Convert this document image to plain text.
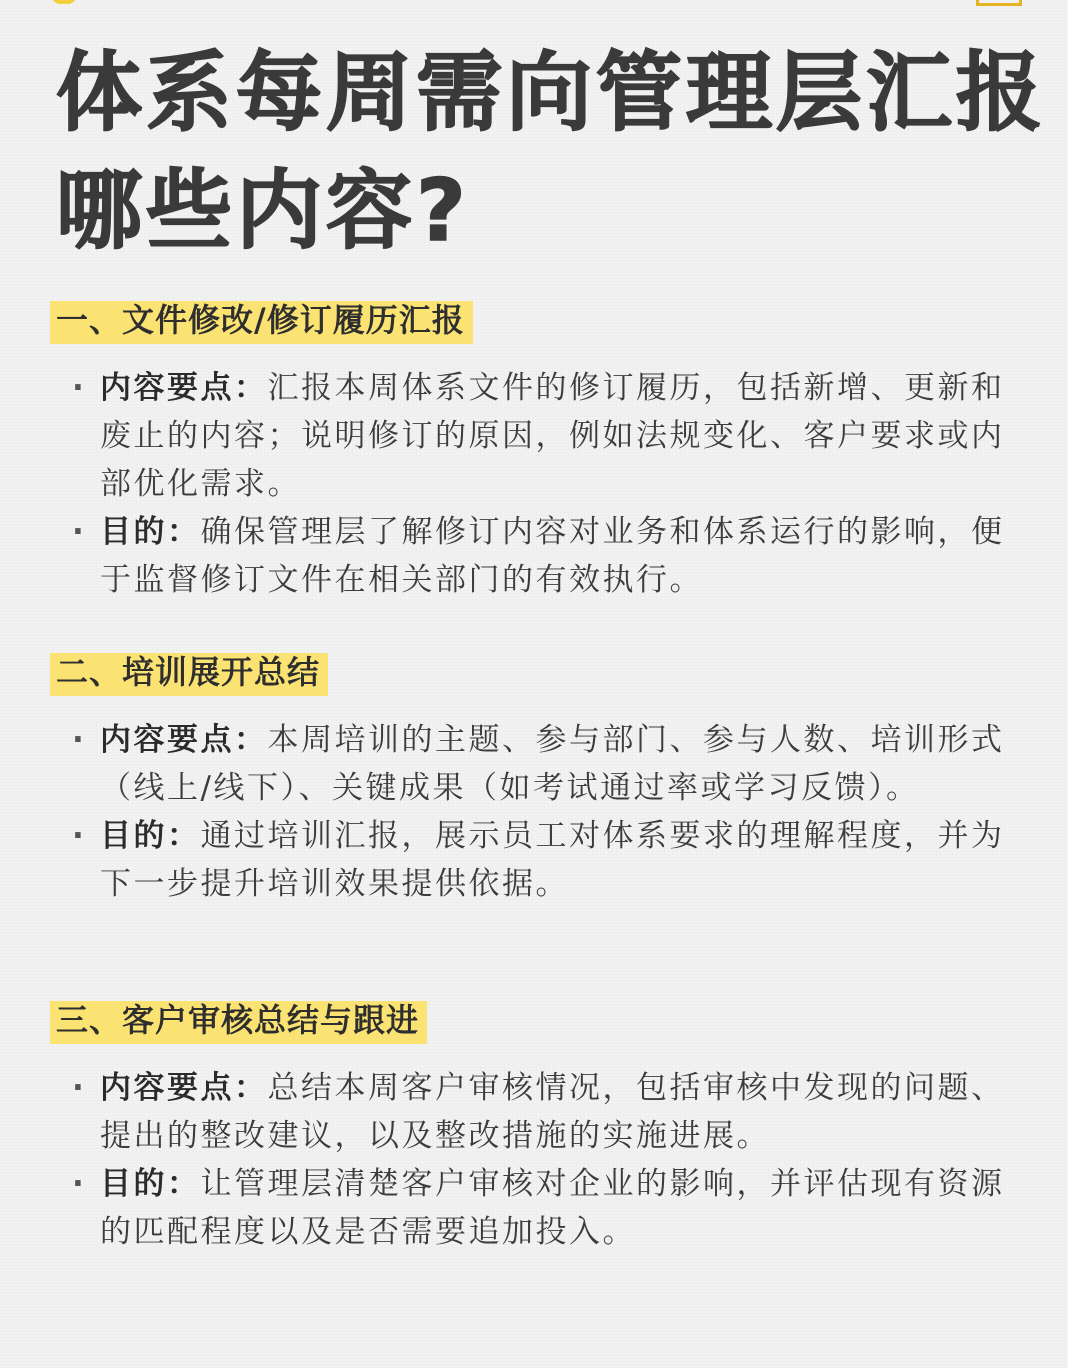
体系每周需向管理层汇报
哪些内容?
一、文件修改/修订履历汇报
· 内容要点：汇报本周体系文件的修订履历，包括新增、更新和废止的内容；说明修订的原因，例如法规变化、客户要求或内部优化需求。
· 目的：确保管理层了解修订内容对业务和体系运行的影响，便于监督修订文件在相关部门的有效执行。
二、培训展开总结
· 内容要点：本周培训的主题、参与部门、参与人数、培训形式（线上/线下）、关键成果（如考试通过率或学习反馈）。
· 目的：通过培训汇报，展示员工对体系要求的理解程度，并为下一步提升培训效果提供依据。
三、客户审核总结与跟进
· 内容要点：总结本周客户审核情况，包括审核中发现的问题、提出的整改建议，以及整改措施的实施进展。
· 目的：让管理层清楚客户审核对企业的影响，并评估现有资源的匹配程度以及是否需要追加投入。
